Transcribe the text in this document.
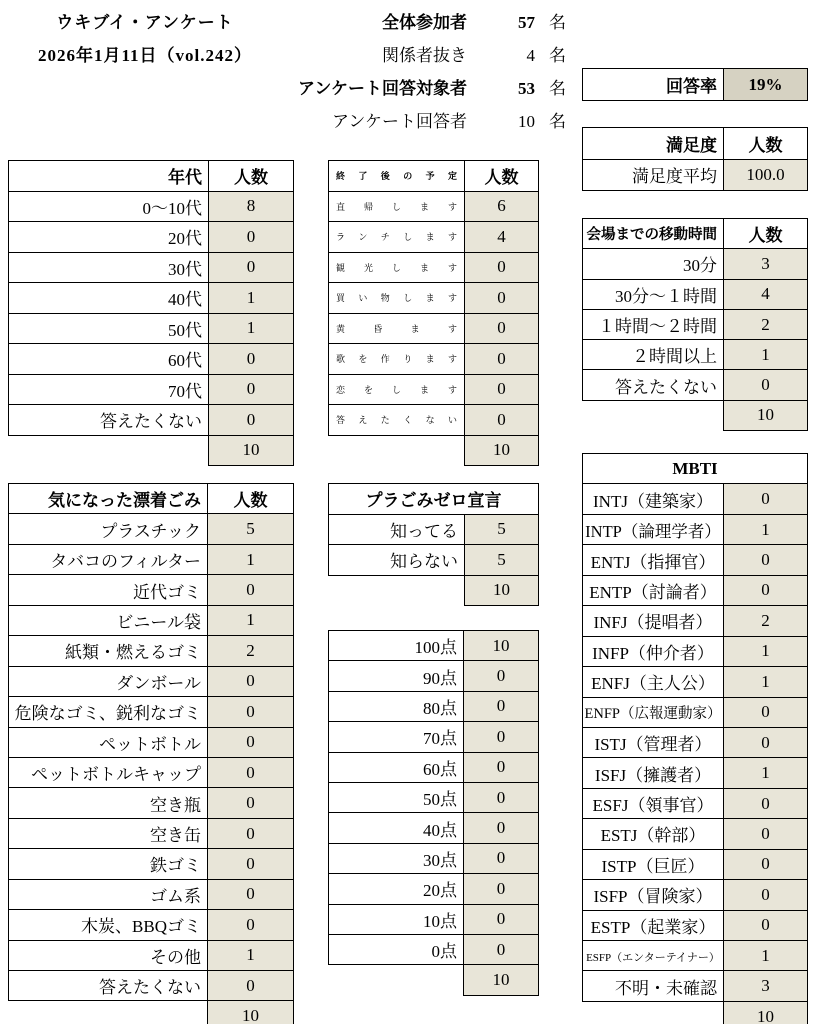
ウキブイ・アンケート
2026年1月11日（vol.242）
全体参加者	57 名
関係者抜き	4 名
アンケート回答対象者	53 名
アンケート回答者	10 名
回答率	19%
満足度	人数
満足度平均	100.0
年代	人数
0～10代	8
20代	0
30代	0
40代	1
50代	1
60代	0
70代	0
答えたくない	0
	10
終了後の予定	人数

直帰します	6

ランチします	4

観光します	0

買い物します	0

黄昏ます	0

歌を作ります	0

恋をします	0

答えたくない	0
	10
会場までの移動時間	人数
30分	3
30分～１時間	4
１時間～２時間	2
２時間以上	1
答えたくない	0
	10
気になった漂着ごみ	人数
プラスチック	5
タバコのフィルター	1
近代ゴミ	0
ビニール袋	1
紙類・燃えるゴミ	2
ダンボール	0
危険なゴミ、鋭利なゴミ	0
ペットボトル	0
ペットボトルキャップ	0
空き瓶	0
空き缶	0
鉄ゴミ	0
ゴム系	0
木炭、BBQゴミ	0
その他	1
答えたくない	0
	10
プラごみゼロ宣言	
知ってる	5
知らない	5
	10
100点	10
90点	0
80点	0
70点	0
60点	0
50点	0
40点	0
30点	0
20点	0
10点	0
0点	0
	10
MBTI	
INTJ（建築家）	0
INTP（論理学者）	1
ENTJ（指揮官）	0
ENTP（討論者）	0
INFJ（提唱者）	2
INFP（仲介者）	1
ENFJ（主人公）	1
ENFP（広報運動家）	0
ISTJ（管理者）	0
ISFJ（擁護者）	1
ESFJ（領事官）	0
ESTJ（幹部）	0
ISTP（巨匠）	0
ISFP（冒険家）	0
ESTP（起業家）	0
ESFP（エンターテイナー）	1
不明・未確認	3
	10
